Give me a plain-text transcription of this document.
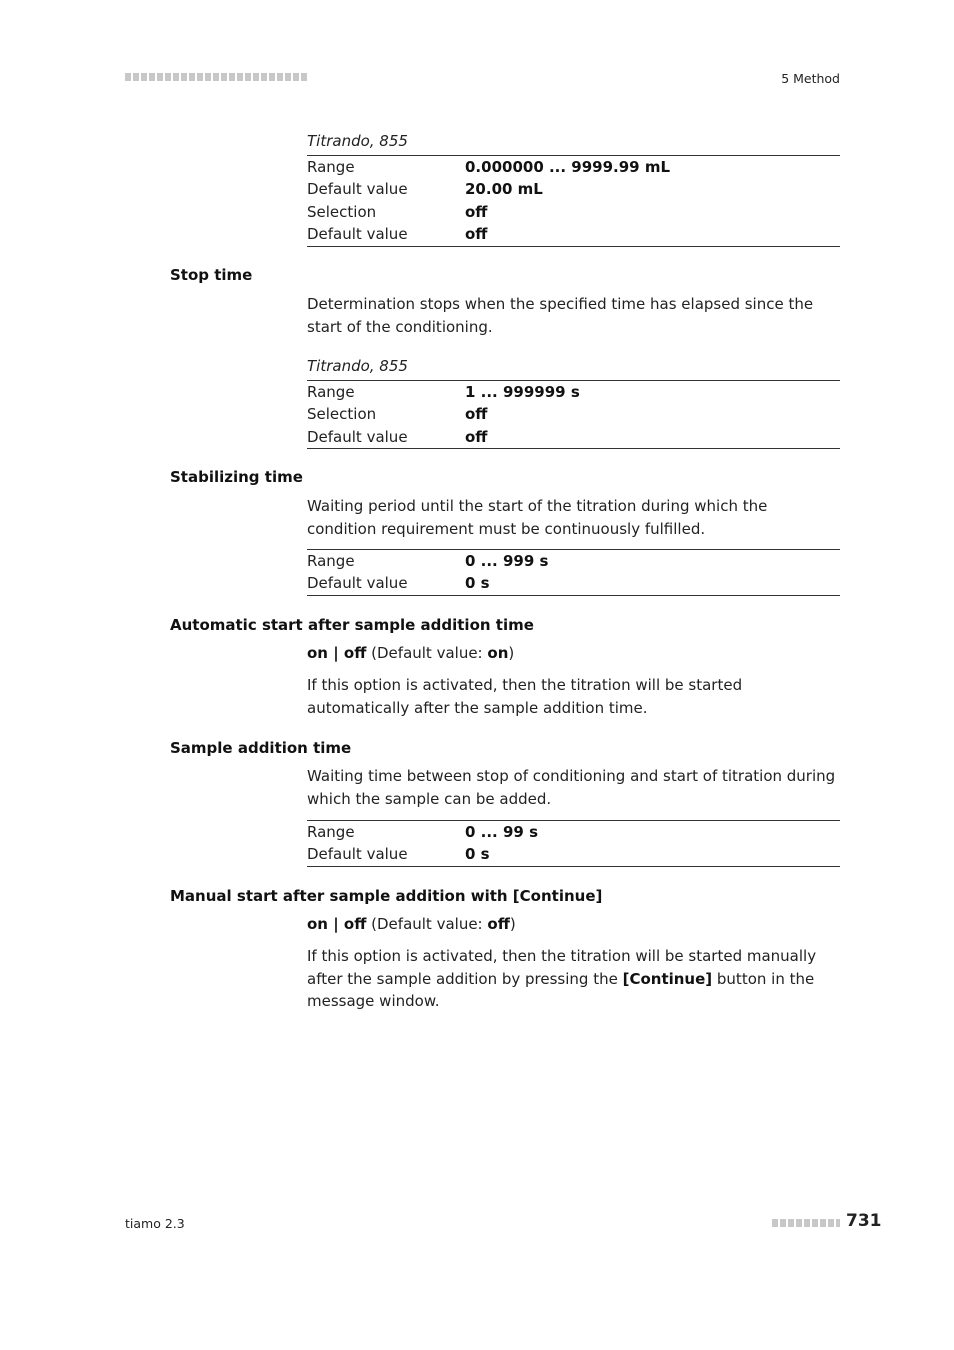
5 Method
Titrando, 855
Range	0.000000 ... 9999.99 mL
Default value	20.00 mL
Selection	off
Default value	off
Stop time
Determination stops when the specified time has elapsed since the start of the conditioning.
Titrando, 855
Range	1 ... 999999 s
Selection	off
Default value	off
Stabilizing time
Waiting period until the start of the titration during which the condition requirement must be continuously fulfilled.
Range	0 ... 999 s
Default value	0 s
Automatic start after sample addition time
on | off (Default value: on)
If this option is activated, then the titration will be started automatically after the sample addition time.
Sample addition time
Waiting time between stop of conditioning and start of titration during which the sample can be added.
Range	0 ... 99 s
Default value	0 s
Manual start after sample addition with [Continue]
on | off (Default value: off)
If this option is activated, then the titration will be started manually after the sample addition by pressing the [Continue] button in the message window.
tiamo 2.3	731
